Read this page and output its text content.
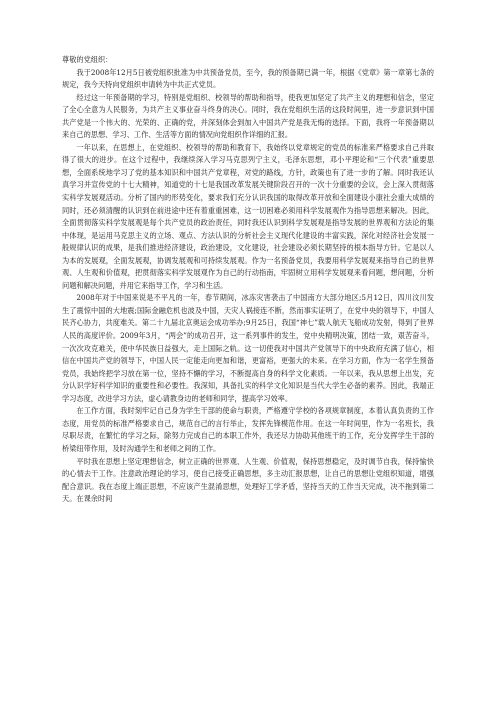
尊敬的党组织：

我于2008年12月5日被党组织批准为中共预备党员，至今，我的预备期已满一年，根据《党章》第一章第七条的规定，我今天特向党组织申请转为中共正式党员。

经过这一年预备期的学习，特别是党组织、校领导的帮助和指导，使我更加坚定了共产主义的理想和信念，坚定了全心全意为人民服务，为共产主义事业奋斗终身的决心。同时，我在党组织生活的这段时间里，进一步意识到中国共产党是一个伟大的、光荣的、正确的党，并深刻体会到加入中国共产党是我无悔的选择。下面，我将一年预备期以来自己的思想、学习、工作、生活等方面的情况向党组织作详细的汇报。

一年以来，在思想上，在党组织、校领导的帮助和教育下，我始终以党章规定的党员的标准来严格要求自己并取得了很大的进步。在这个过程中，我继续深入学习马克思列宁主义，毛泽东思想，邓小平理论和“三个代表”重要思想，全面系统地学习了党的基本知识和中国共产党章程，对党的路线，方针，政策也有了进一步的了解。同时我还认真学习并宣传党的十七大精神，知道党的十七是我国改革发展关键阶段召开的一次十分重要的会议，会上深入贯彻落实科学发展观活动。分析了国内的形势变化，要求我们充分认识我国的取得改革开放和全面建设小康社会重大成绩的同时，还必须清醒的认识到在前进途中还有着重重困难，这一切困难必须用科学发展观作为指导思想来解决。因此，全面贯彻落实科学发展观是每个共产党员的政治责任，同时我还认识到科学发展观是指导发展的世界观和方法论的集中体现，是运用马克思主义的立场、观点、方法认识的分析社会主义现代化建设的丰富实践，深化对经济社会发展一般规律认识的成果，是我们推进经济建设，政治建设，文化建设，社会建设必须长期坚持的根本指导方针。它是以人为本的发展观，全面发展观，协调发展观和可持续发展观。作为一名预备党员，我要用科学发展观来指导自己的世界观、人生观和价值观，把贯彻落实科学发展观作为自己的行动指南，牢固树立用科学发展观来看问题，想问题，分析问题和解决问题，并用它来指导工作，学习和生活。

2008年对于中国来说是不平凡的一年，春节期间，冰冻灾害袭击了中国南方大部分地区;5月12日，四川汶川发生了震惊中国的大地震;国际金融危机也波及中国，天灾人祸接连不断，然而事实证明了，在党中央的领导下，中国人民齐心协力，共度难关。第二十九届北京奥运会成功举办;9月25日，我国“神七”载人航天飞船成功发射，得到了世界人民的高度评价。2009年3月，“两会”的成功召开，这一系列事件的发生，党中央精明决策，团结一致，艰苦奋斗，一次次攻克难关，使中华民族日益强大，走上国际之轨。这一切使我对中国共产党领导下的中央政府充满了信心，相信在中国共产党的领导下，中国人民一定能走向更加和谐，更富裕，更强大的未来。在学习方面，作为一名学生预备党员，我始终把学习放在第一位，坚持不懈的学习，不断提高自身的科学文化素质。一年以来，我从思想上出发，充分认识学好科学知识的重要性和必要性。我深知，具备扎实的科学文化知识是当代大学生必备的素养。因此，我端正学习态度，改进学习方法，虚心请教身边的老师和同学，提高学习效率。

在工作方面，我时刻牢记自己身为学生干部的使命与职责，严格遵守学校的各项规章制度，本着认真负责的工作态度，用党员的标准严格要求自己，规范自己的言行举止，发挥先锋模范作用。在这一年时间里，作为一名班长，我尽职尽责，在繁忙的学习之际，除努力完成自己的本职工作外，我还尽力协助其他班干的工作，充分发挥学生干部的桥梁纽带作用，及时沟通学生和老师之间的工作。

平时我在思想上坚定理想信念，树立正确的世界观、人生观、价值观，保持思想稳定，及时调节自我，保持愉快的心情去干工作。注意政治理论的学习，使自己接受正确思想，多主动汇报思想，让自己的思想让党组织知道，增强配合意识。我在态度上端正思想，不应该产生混淆思想，处理好工学矛盾，坚持当天的工作当天完成，决不拖到第二天。在课余时间
